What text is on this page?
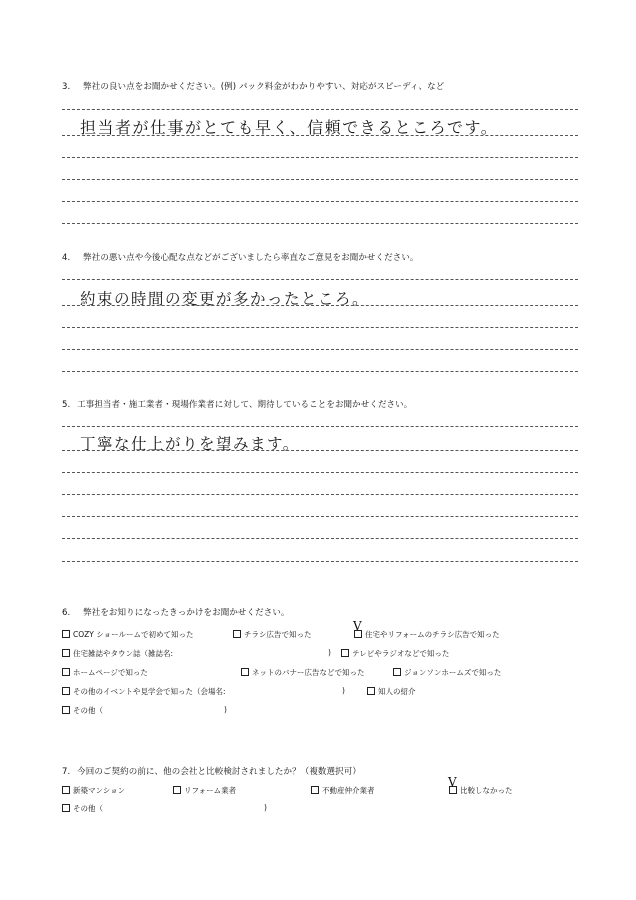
3. 弊社の良い点をお聞かせください。(例) パック料金がわかりやすい、対応がスピーディ、など
担当者が仕事がとても早く、信頼できるところです。
4. 弊社の悪い点や今後心配な点などがございましたら率直なご意見をお聞かせください。
約束の時間の変更が多かったところ。
5. 工事担当者・施工業者・現場作業者に対して、期待していることをお聞かせください。
丁寧な仕上がりを望みます。
6. 弊社をお知りになったきっかけをお聞かせください。
COZY ショールームで初めて知った	チラシ広告で知った	住宅やリフォームのチラシ広告で知った
V
住宅雑誌やタウン誌（雑誌名:	)	テレビやラジオなどで知った
ホームページで知った	ネットのバナー広告などで知った	ジョンソンホームズで知った
その他のイベントや見学会で知った（会場名:	)	知人の紹介
その他（	)
7. 今回のご契約の前に、他の会社と比較検討されましたか？（複数選択可）
新築マンション	リフォーム業者	不動産仲介業者	比較しなかった
V
その他（	)
